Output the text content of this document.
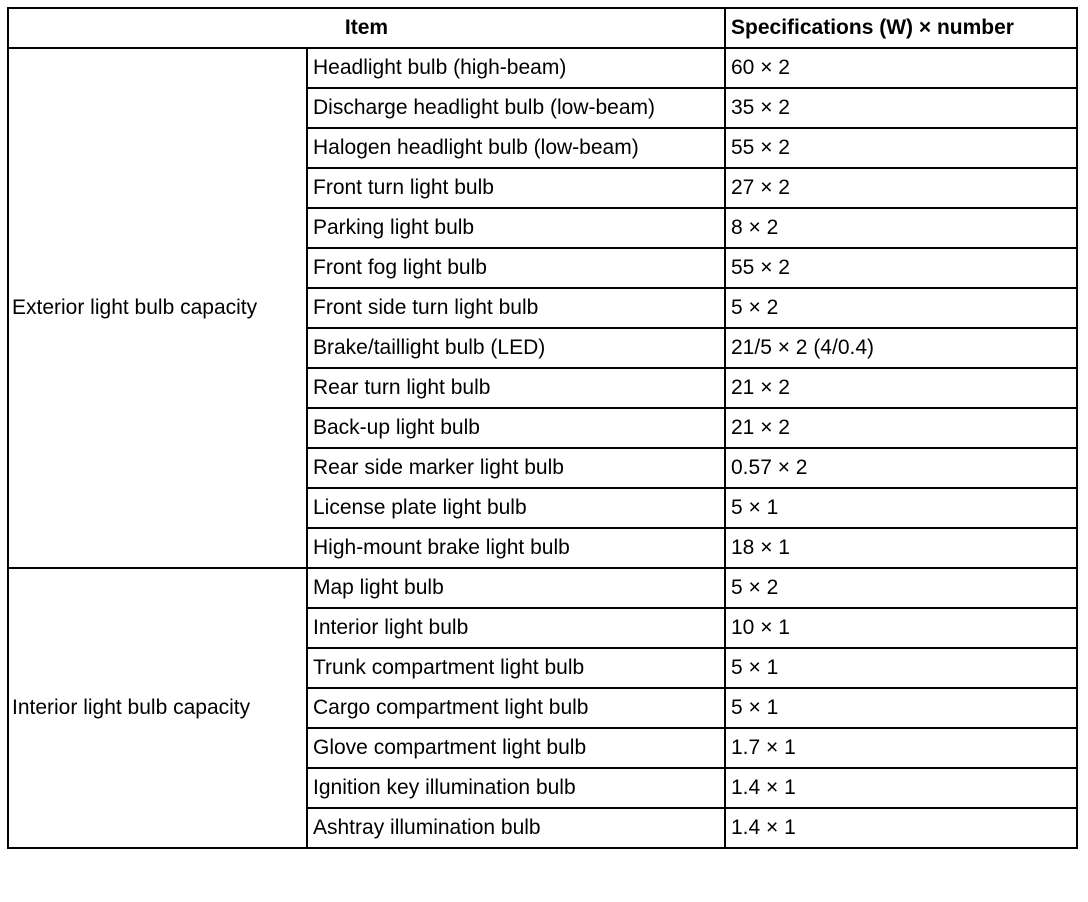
Item		Specifications (W) × number
Exterior light bulb capacity	Headlight bulb (high-beam)	60 × 2
	Discharge headlight bulb (low-beam)	35 × 2
	Halogen headlight bulb (low-beam)	55 × 2
	Front turn light bulb	27 × 2
	Parking light bulb	8 × 2
	Front fog light bulb	55 × 2
	Front side turn light bulb	5 × 2
	Brake/taillight bulb (LED)	21/5 × 2 (4/0.4)
	Rear turn light bulb	21 × 2
	Back-up light bulb	21 × 2
	Rear side marker light bulb	0.57 × 2
	License plate light bulb	5 × 1
	High-mount brake light bulb	18 × 1
Interior light bulb capacity	Map light bulb	5 × 2
	Interior light bulb	10 × 1
	Trunk compartment light bulb	5 × 1
	Cargo compartment light bulb	5 × 1
	Glove compartment light bulb	1.7 × 1
	Ignition key illumination bulb	1.4 × 1
	Ashtray illumination bulb	1.4 × 1
